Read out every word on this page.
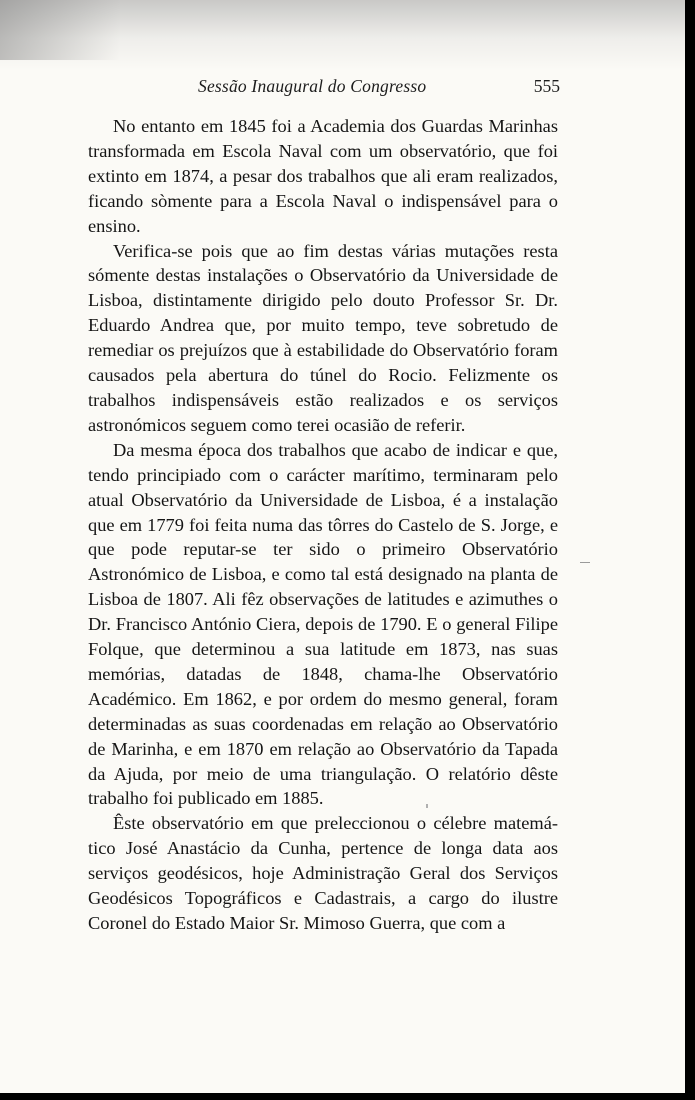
Sessão Inaugural do Congresso	555

No entanto em 1845 foi a Academia dos Guardas Marinhas transformada em Escola Naval com um observatório, que foi extinto em 1874, a pesar dos trabalhos que ali eram realizados, ficando sòmente para a Escola Naval o indispensável para o ensino.

Verifica-se pois que ao fim destas várias mutações resta sómente destas instalações o Observatório da Universidade de Lisboa, distintamente dirigido pelo douto Professor Sr. Dr. Eduardo Andrea que, por muito tempo, teve sobretudo de remediar os prejuízos que à estabilidade do Observatório foram causados pela abertura do túnel do Rocio. Felizmente os trabalhos indispensáveis estão realizados e os serviços astronómicos seguem como terei ocasião de referir.

Da mesma época dos trabalhos que acabo de indicar e que, tendo principiado com o carácter marítimo, terminaram pelo atual Observatório da Universidade de Lisboa, é a instalação que em 1779 foi feita numa das tôrres do Castelo de S. Jorge, e que pode reputar-se ter sido o primeiro Observatório Astronómico de Lisboa, e como tal está designado na planta de Lisboa de 1807. Ali fêz observações de latitudes e azimuthes o Dr. Francisco António Ciera, depois de 1790. E o general Filipe Folque, que determinou a sua latitude em 1873, nas suas memórias, datadas de 1848, chama-lhe Observatório Académico. Em 1862, e por ordem do mesmo general, foram determinadas as suas coordenadas em relação ao Observatório de Marinha, e em 1870 em relação ao Observatório da Tapada da Ajuda, por meio de uma triangulação. O relatório dêste trabalho foi publicado em 1885.

Êste observatório em que preleccionou o célebre matemático José Anastácio da Cunha, pertence de longa data aos serviços geodésicos, hoje Administração Geral dos Serviços Geodésicos Topográficos e Cadastrais, a cargo do ilustre Coronel do Estado Maior Sr. Mimoso Guerra, que com a
